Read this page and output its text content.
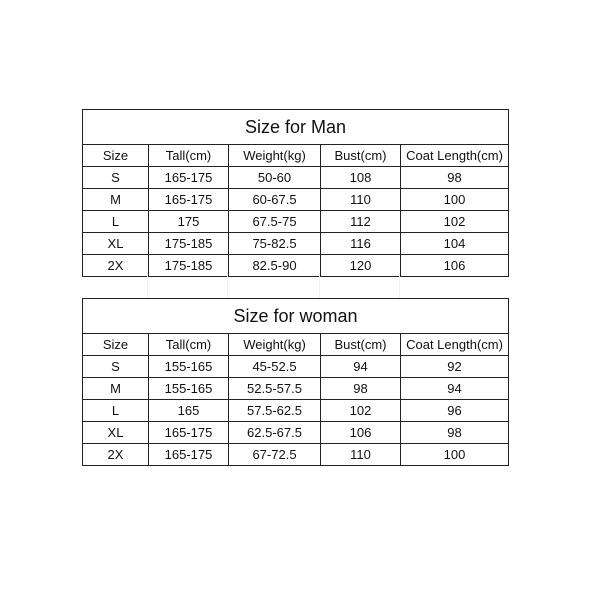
Size for Man				
Size	Tall(cm)	Weight(kg)	Bust(cm)	Coat Length(cm)
S	165-175	50-60	108	98
M	165-175	60-67.5	110	100
L	175	67.5-75	112	102
XL	175-185	75-82.5	116	104
2X	175-185	82.5-90	120	106
Size for woman				
Size	Tall(cm)	Weight(kg)	Bust(cm)	Coat Length(cm)
S	155-165	45-52.5	94	92
M	155-165	52.5-57.5	98	94
L	165	57.5-62.5	102	96
XL	165-175	62.5-67.5	106	98
2X	165-175	67-72.5	110	100
